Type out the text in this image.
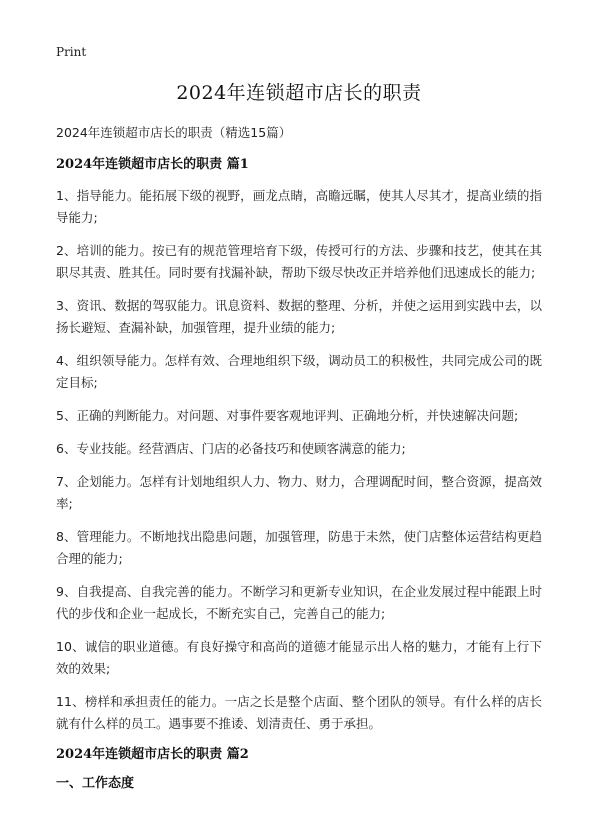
Print
2024年连锁超市店长的职责
2024年连锁超市店长的职责（精选15篇）
2024年连锁超市店长的职责 篇1

1、指导能力。能拓展下级的视野，画龙点睛，高瞻远瞩，使其人尽其才，提高业绩的指导能力;

2、培训的能力。按已有的规范管理培育下级，传授可行的方法、步骤和技艺，使其在其职尽其责、胜其任。同时要有找漏补缺，帮助下级尽快改正并培养他们迅速成长的能力;

3、资讯、数据的驾驭能力。讯息资料、数据的整理、分析，并使之运用到实践中去，以扬长避短、查漏补缺，加强管理，提升业绩的能力;

4、组织领导能力。怎样有效、合理地组织下级，调动员工的积极性，共同完成公司的既定目标;

5、正确的判断能力。对问题、对事件要客观地评判、正确地分析，并快速解决问题;

6、专业技能。经营酒店、门店的必备技巧和使顾客满意的能力;

7、企划能力。怎样有计划地组织人力、物力、财力，合理调配时间，整合资源，提高效率;

8、管理能力。不断地找出隐患问题，加强管理，防患于未然，使门店整体运营结构更趋合理的能力;

9、自我提高、自我完善的能力。不断学习和更新专业知识，在企业发展过程中能跟上时代的步伐和企业一起成长，不断充实自己，完善自己的能力;

10、诚信的职业道德。有良好操守和高尚的道德才能显示出人格的魅力，才能有上行下效的效果;

11、榜样和承担责任的能力。一店之长是整个店面、整个团队的领导。有什么样的店长就有什么样的员工。遇事要不推诿、划清责任、勇于承担。

2024年连锁超市店长的职责 篇2
一、工作态度
